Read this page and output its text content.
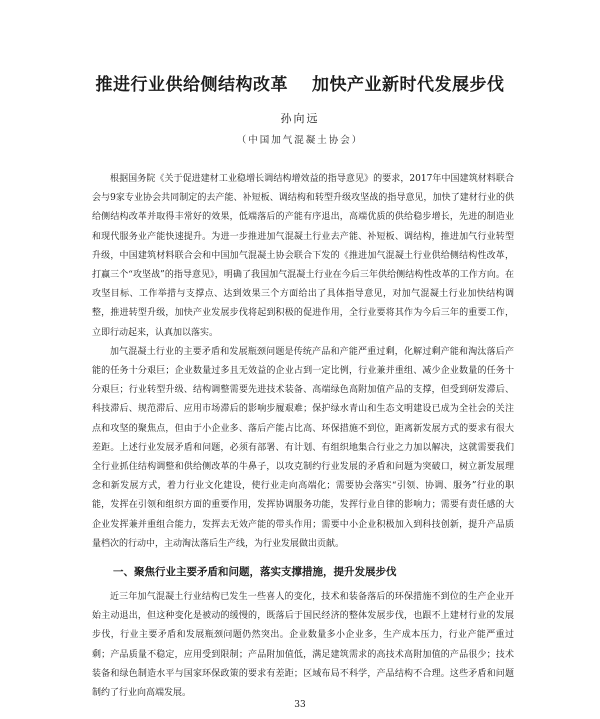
推进行业供给侧结构改革 加快产业新时代发展步伐
孙向远
（中国加气混凝土协会）

根据国务院《关于促进建材工业稳增长调结构增效益的指导意见》的要求，2017年中国建筑材料联合会与9家专业协会共同制定的去产能、补短板、调结构和转型升级攻坚战的指导意见，加快了建材行业的供给侧结构改革并取得丰常好的效果，低端落后的产能有序退出，高端优质的供给稳步增长，先进的制造业和现代服务业产能快速提升。为进一步推进加气混凝土行业去产能、补短板、调结构，推进加气行业转型升级，中国建筑材料联合会和中国加气混凝土协会联合下发的《推进加气混凝土行业供给侧结构性改革，打赢三个“攻坚战”的指导意见》，明确了我国加气混凝土行业在今后三年供给侧结构性改革的工作方向。在攻坚目标、工作举措与支撑点、达到效果三个方面给出了具体指导意见，对加气混凝土行业加快结构调整，推进转型升级，加快产业发展步伐将起到积极的促进作用，全行业要将其作为今后三年的重要工作，立即行动起来，认真加以落实。

加气混凝土行业的主要矛盾和发展瓶颈问题是传统产品和产能严重过剩，化解过剩产能和淘汰落后产能的任务十分艰巨；企业数量过多且无效益的企业占到一定比例，行业兼并重组、减少企业数量的任务十分艰巨；行业转型升级、结构调整需要先进技术装备、高端绿色高附加值产品的支撑，但受到研发滞后、科技滞后、规范滞后、应用市场滞后的影响步履艰难；保护绿水青山和生态文明建设已成为全社会的关注点和攻坚的聚焦点，但由于小企业多、落后产能占比高、环保措施不到位，距离新发展方式的要求有很大差距。上述行业发展矛盾和问题，必须有部署、有计划、有组织地集合行业之力加以解决，这就需要我们全行业抓住结构调整和供给侧改革的牛鼻子，以攻克制约行业发展的矛盾和问题为突破口，树立新发展理念和新发展方式，着力行业文化建设，使行业走向高端化；需要协会落实“引领、协调、服务”行业的职能，发挥在引领和组织方面的重要作用，发挥协调服务功能，发挥行业自律的影响力；需要有责任感的大企业发挥兼并重组合能力，发挥去无效产能的带头作用；需要中小企业积极加入到科技创新，提升产品质量档次的行动中，主动淘汰落后生产线，为行业发展做出贡献。

一、聚焦行业主要矛盾和问题，落实支撑措施，提升发展步伐

近三年加气混凝土行业结构已发生一些喜人的变化，技术和装备落后的环保措施不到位的生产企业开始主动退出，但这种变化是被动的缓慢的，既落后于国民经济的整体发展步伐，也跟不上建材行业的发展步伐，行业主要矛盾和发展瓶颈问题仍然突出。企业数量多小企业多，生产成本压力，行业产能严重过剩；产品质量不稳定，应用受到限制；产品附加值低，满足建筑需求的高技术高附加值的产品很少；技术装备和绿色制造水平与国家环保政策的要求有差距；区域布局不科学，产品结构不合理。这些矛盾和问题制约了行业向高端发展。

33
